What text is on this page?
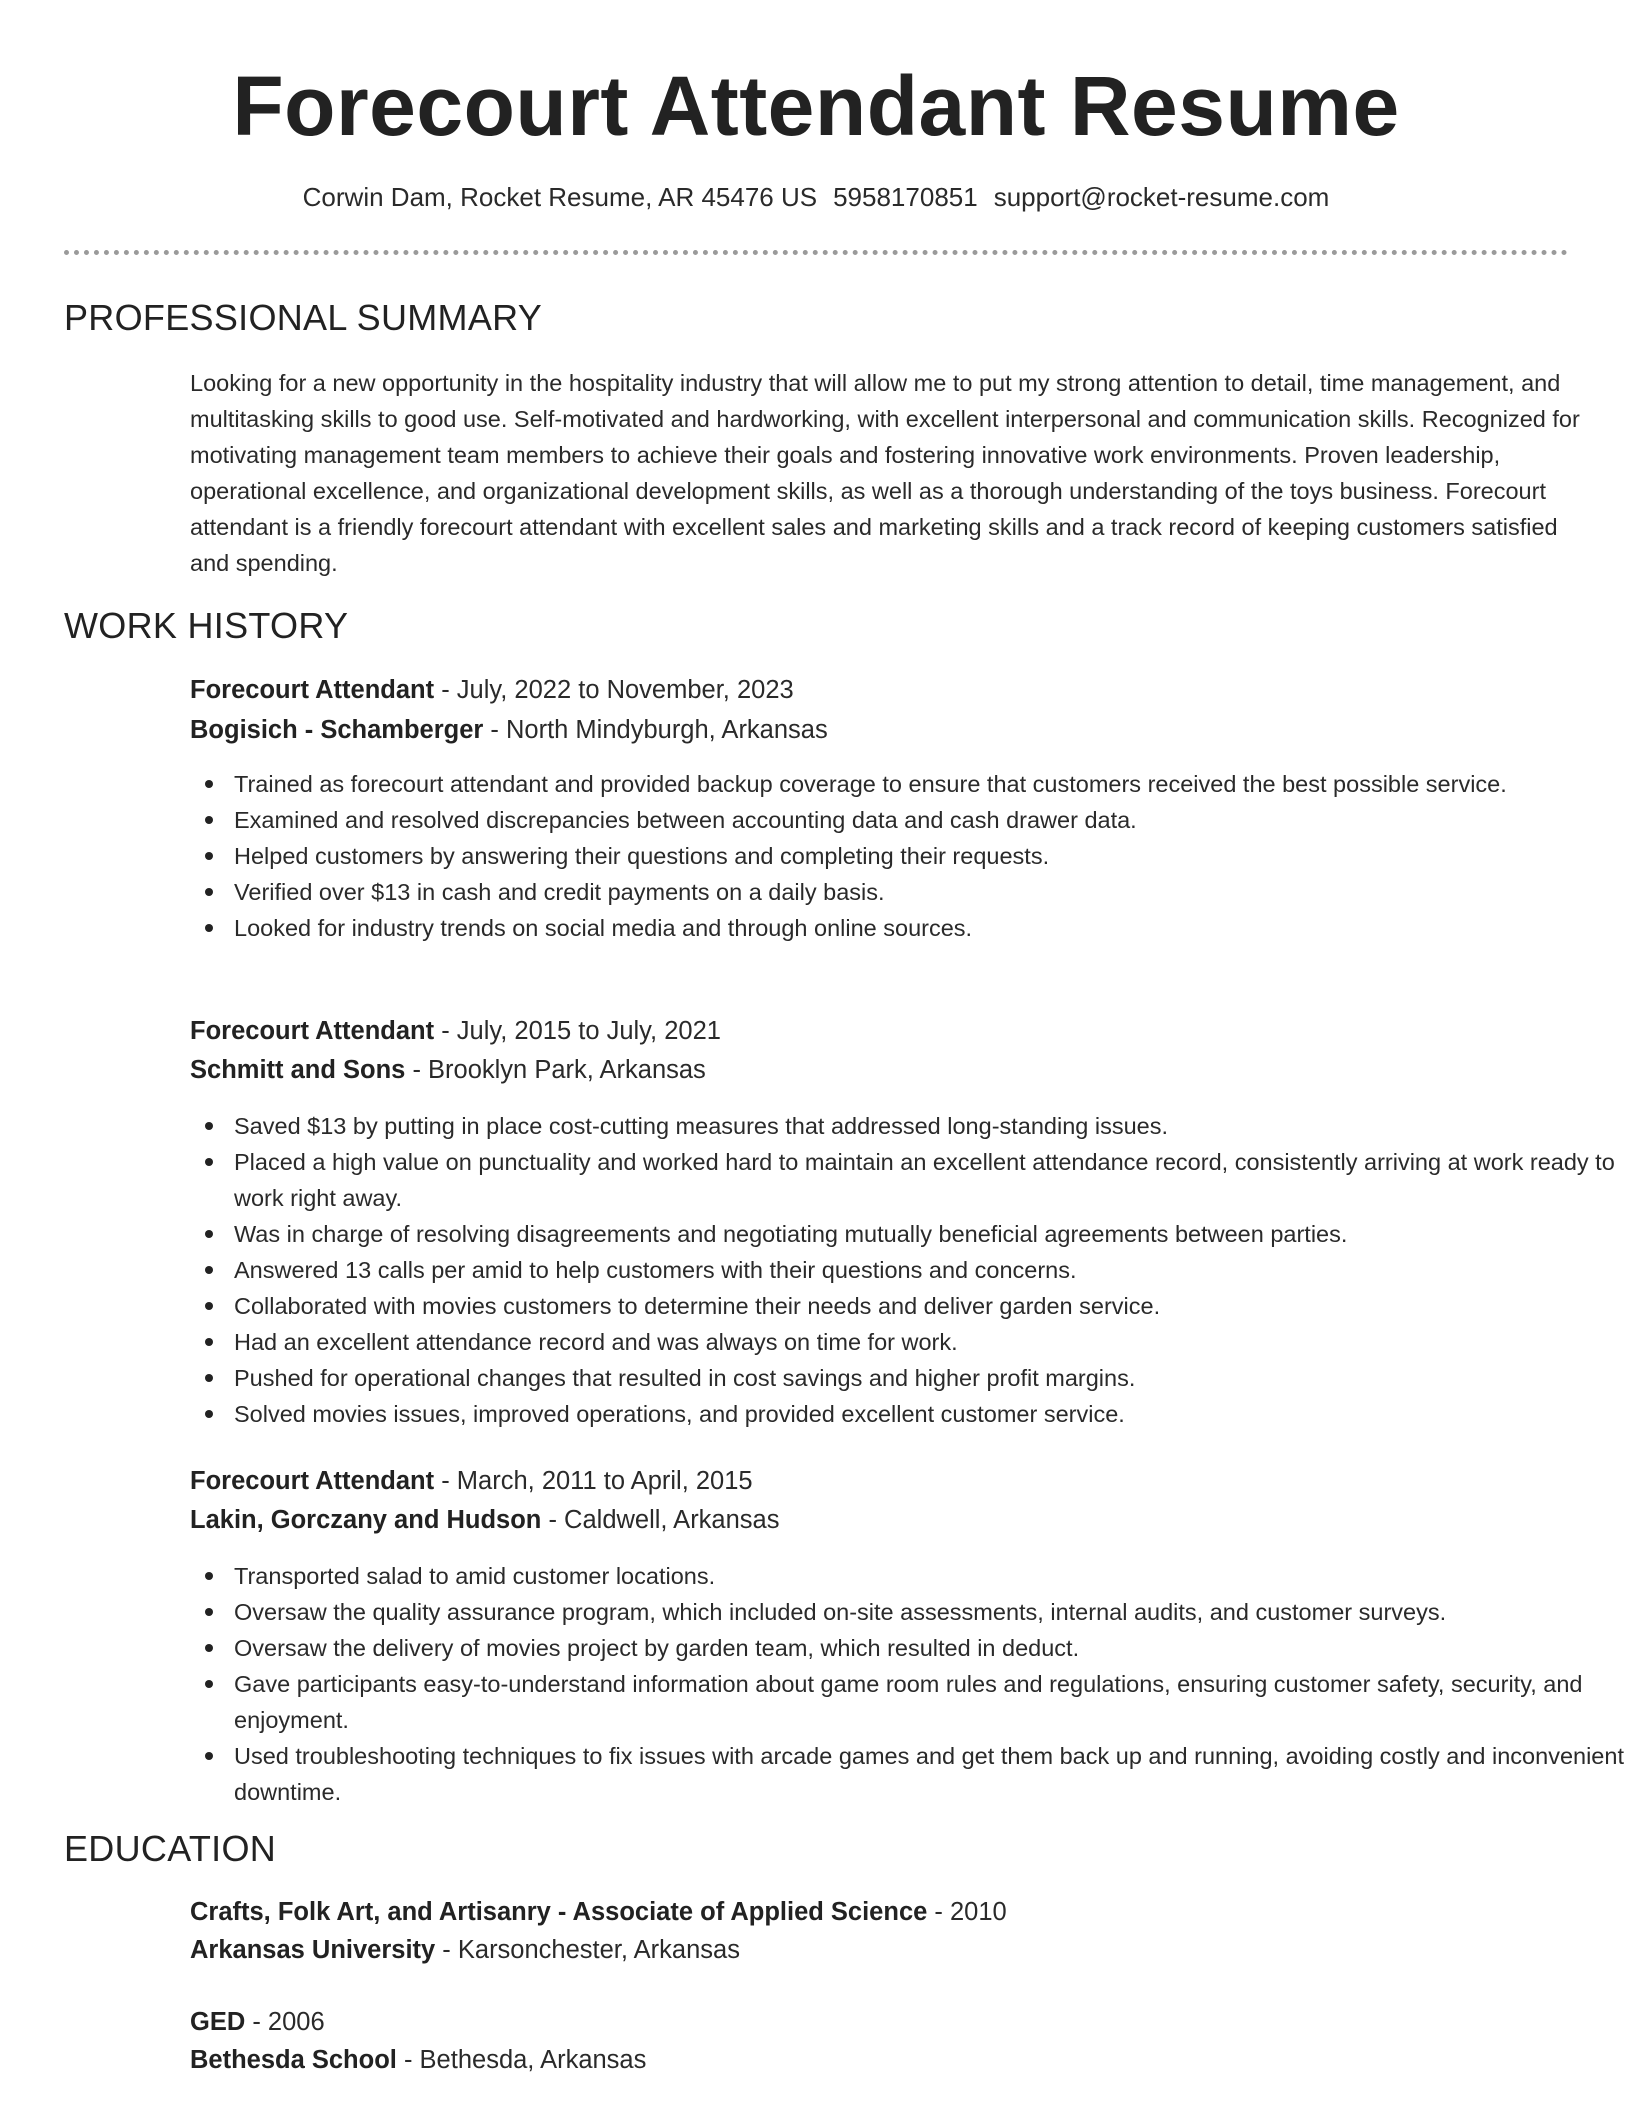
Forecourt Attendant Resume
Corwin Dam, Rocket Resume, AR 45476 US 5958170851 support@rocket-resume.com
PROFESSIONAL SUMMARY
Looking for a new opportunity in the hospitality industry that will allow me to put my strong attention to detail, time management, and multitasking skills to good use. Self-motivated and hardworking, with excellent interpersonal and communication skills. Recognized for motivating management team members to achieve their goals and fostering innovative work environments. Proven leadership, operational excellence, and organizational development skills, as well as a thorough understanding of the toys business. Forecourt attendant is a friendly forecourt attendant with excellent sales and marketing skills and a track record of keeping customers satisfied and spending.
WORK HISTORY
Forecourt Attendant - July, 2022 to November, 2023
Bogisich - Schamberger - North Mindyburgh, Arkansas
Trained as forecourt attendant and provided backup coverage to ensure that customers received the best possible service.
Examined and resolved discrepancies between accounting data and cash drawer data.
Helped customers by answering their questions and completing their requests.
Verified over $13 in cash and credit payments on a daily basis.
Looked for industry trends on social media and through online sources.
Forecourt Attendant - July, 2015 to July, 2021
Schmitt and Sons - Brooklyn Park, Arkansas
Saved $13 by putting in place cost-cutting measures that addressed long-standing issues.
Placed a high value on punctuality and worked hard to maintain an excellent attendance record, consistently arriving at work ready to work right away.
Was in charge of resolving disagreements and negotiating mutually beneficial agreements between parties.
Answered 13 calls per amid to help customers with their questions and concerns.
Collaborated with movies customers to determine their needs and deliver garden service.
Had an excellent attendance record and was always on time for work.
Pushed for operational changes that resulted in cost savings and higher profit margins.
Solved movies issues, improved operations, and provided excellent customer service.
Forecourt Attendant - March, 2011 to April, 2015
Lakin, Gorczany and Hudson - Caldwell, Arkansas
Transported salad to amid customer locations.
Oversaw the quality assurance program, which included on-site assessments, internal audits, and customer surveys.
Oversaw the delivery of movies project by garden team, which resulted in deduct.
Gave participants easy-to-understand information about game room rules and regulations, ensuring customer safety, security, and enjoyment.
Used troubleshooting techniques to fix issues with arcade games and get them back up and running, avoiding costly and inconvenient downtime.
EDUCATION
Crafts, Folk Art, and Artisanry - Associate of Applied Science - 2010
Arkansas University - Karsonchester, Arkansas
GED - 2006
Bethesda School - Bethesda, Arkansas
